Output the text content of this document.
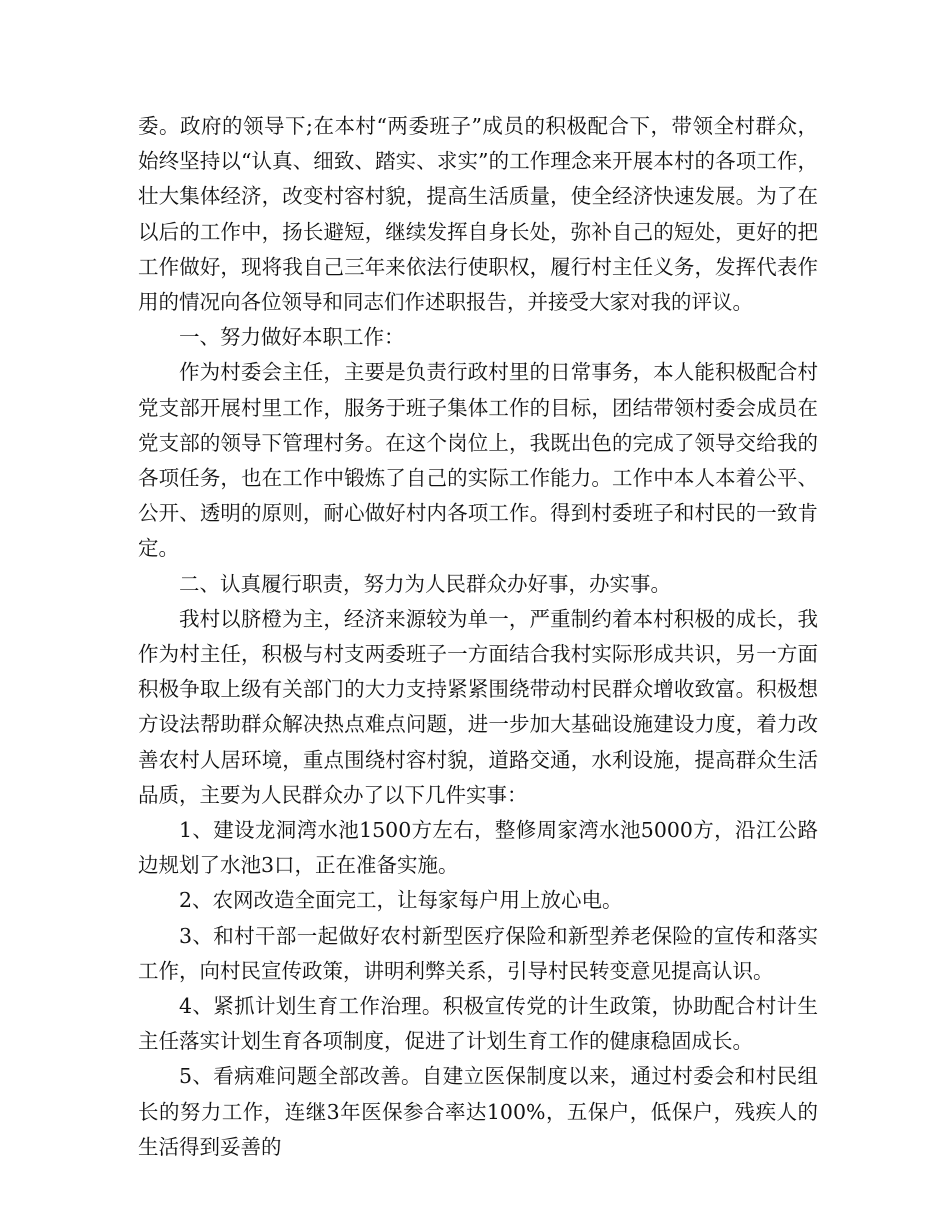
委。政府的领导下;在本村“两委班子”成员的积极配合下，带领全村群众，始终坚持以“认真、细致、踏实、求实”的工作理念来开展本村的各项工作，壮大集体经济，改变村容村貌，提高生活质量，使全经济快速发展。为了在以后的工作中，扬长避短，继续发挥自身长处，弥补自己的短处，更好的把工作做好，现将我自己三年来依法行使职权，履行村主任义务，发挥代表作用的情况向各位领导和同志们作述职报告，并接受大家对我的评议。

一、努力做好本职工作：

作为村委会主任，主要是负责行政村里的日常事务，本人能积极配合村党支部开展村里工作，服务于班子集体工作的目标，团结带领村委会成员在党支部的领导下管理村务。在这个岗位上，我既出色的完成了领导交给我的各项任务，也在工作中锻炼了自己的实际工作能力。工作中本人本着公平、公开、透明的原则，耐心做好村内各项工作。得到村委班子和村民的一致肯定。

二、认真履行职责，努力为人民群众办好事，办实事。

我村以脐橙为主，经济来源较为单一，严重制约着本村积极的成长，我作为村主任，积极与村支两委班子一方面结合我村实际形成共识，另一方面积极争取上级有关部门的大力支持紧紧围绕带动村民群众增收致富。积极想方设法帮助群众解决热点难点问题，进一步加大基础设施建设力度，着力改善农村人居环境，重点围绕村容村貌，道路交通，水利设施，提高群众生活品质，主要为人民群众办了以下几件实事：

1、建设龙洞湾水池1500方左右，整修周家湾水池5000方，沿江公路边规划了水池3口，正在准备实施。

2、农网改造全面完工，让每家每户用上放心电。

3、和村干部一起做好农村新型医疗保险和新型养老保险的宣传和落实工作，向村民宣传政策，讲明利弊关系，引导村民转变意见提高认识。

4、紧抓计划生育工作治理。积极宣传党的计生政策，协助配合村计生主任落实计划生育各项制度，促进了计划生育工作的健康稳固成长。

5、看病难问题全部改善。自建立医保制度以来，通过村委会和村民组长的努力工作，连继3年医保参合率达100%，五保户，低保户，残疾人的生活得到妥善的
